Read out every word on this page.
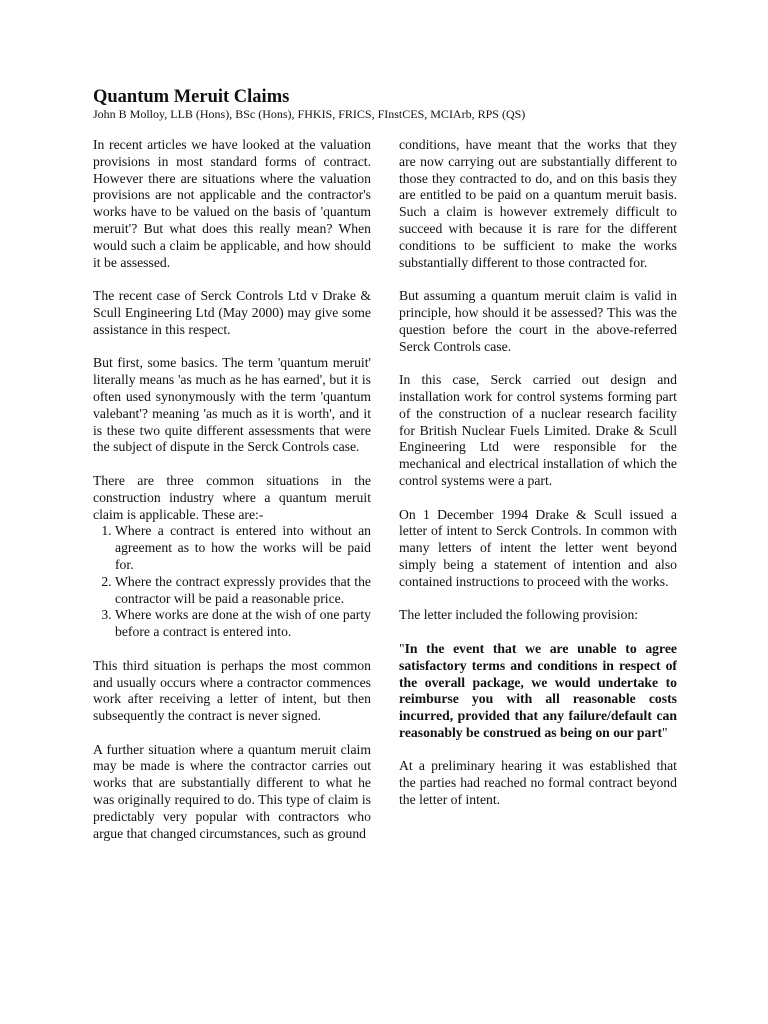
Quantum Meruit Claims
John B Molloy, LLB (Hons), BSc (Hons), FHKIS, FRICS, FInstCES, MCIArb, RPS (QS)

In recent articles we have looked at the valuation provisions in most standard forms of contract. However there are situations where the valuation provisions are not applicable and the contractor's works have to be valued on the basis of 'quantum meruit'? But what does this really mean? When would such a claim be applicable, and how should it be assessed.

The recent case of Serck Controls Ltd v Drake & Scull Engineering Ltd (May 2000) may give some assistance in this respect.

But first, some basics. The term 'quantum meruit' literally means 'as much as he has earned', but it is often used synonymously with the term 'quantum valebant'? meaning 'as much as it is worth', and it is these two quite different assessments that were the subject of dispute in the Serck Controls case.

There are three common situations in the construction industry where a quantum meruit claim is applicable. These are:-

1. Where a contract is entered into without an agreement as to how the works will be paid for.
2. Where the contract expressly provides that the contractor will be paid a reasonable price.
3. Where works are done at the wish of one party before a contract is entered into.

This third situation is perhaps the most common and usually occurs where a contractor commences work after receiving a letter of intent, but then subsequently the contract is never signed.

A further situation where a quantum meruit claim may be made is where the contractor carries out works that are substantially different to what he was originally required to do. This type of claim is predictably very popular with contractors who argue that changed circumstances, such as ground

conditions, have meant that the works that they are now carrying out are substantially different to those they contracted to do, and on this basis they are entitled to be paid on a quantum meruit basis. Such a claim is however extremely difficult to succeed with because it is rare for the different conditions to be sufficient to make the works substantially different to those contracted for.

But assuming a quantum meruit claim is valid in principle, how should it be assessed? This was the question before the court in the above-referred Serck Controls case.

In this case, Serck carried out design and installation work for control systems forming part of the construction of a nuclear research facility for British Nuclear Fuels Limited. Drake & Scull Engineering Ltd were responsible for the mechanical and electrical installation of which the control systems were a part.

On 1 December 1994 Drake & Scull issued a letter of intent to Serck Controls. In common with many letters of intent the letter went beyond simply being a statement of intention and also contained instructions to proceed with the works.

The letter included the following provision:

"In the event that we are unable to agree satisfactory terms and conditions in respect of the overall package, we would undertake to reimburse you with all reasonable costs incurred, provided that any failure/default can reasonably be construed as being on our part"

At a preliminary hearing it was established that the parties had reached no formal contract beyond the letter of intent.
